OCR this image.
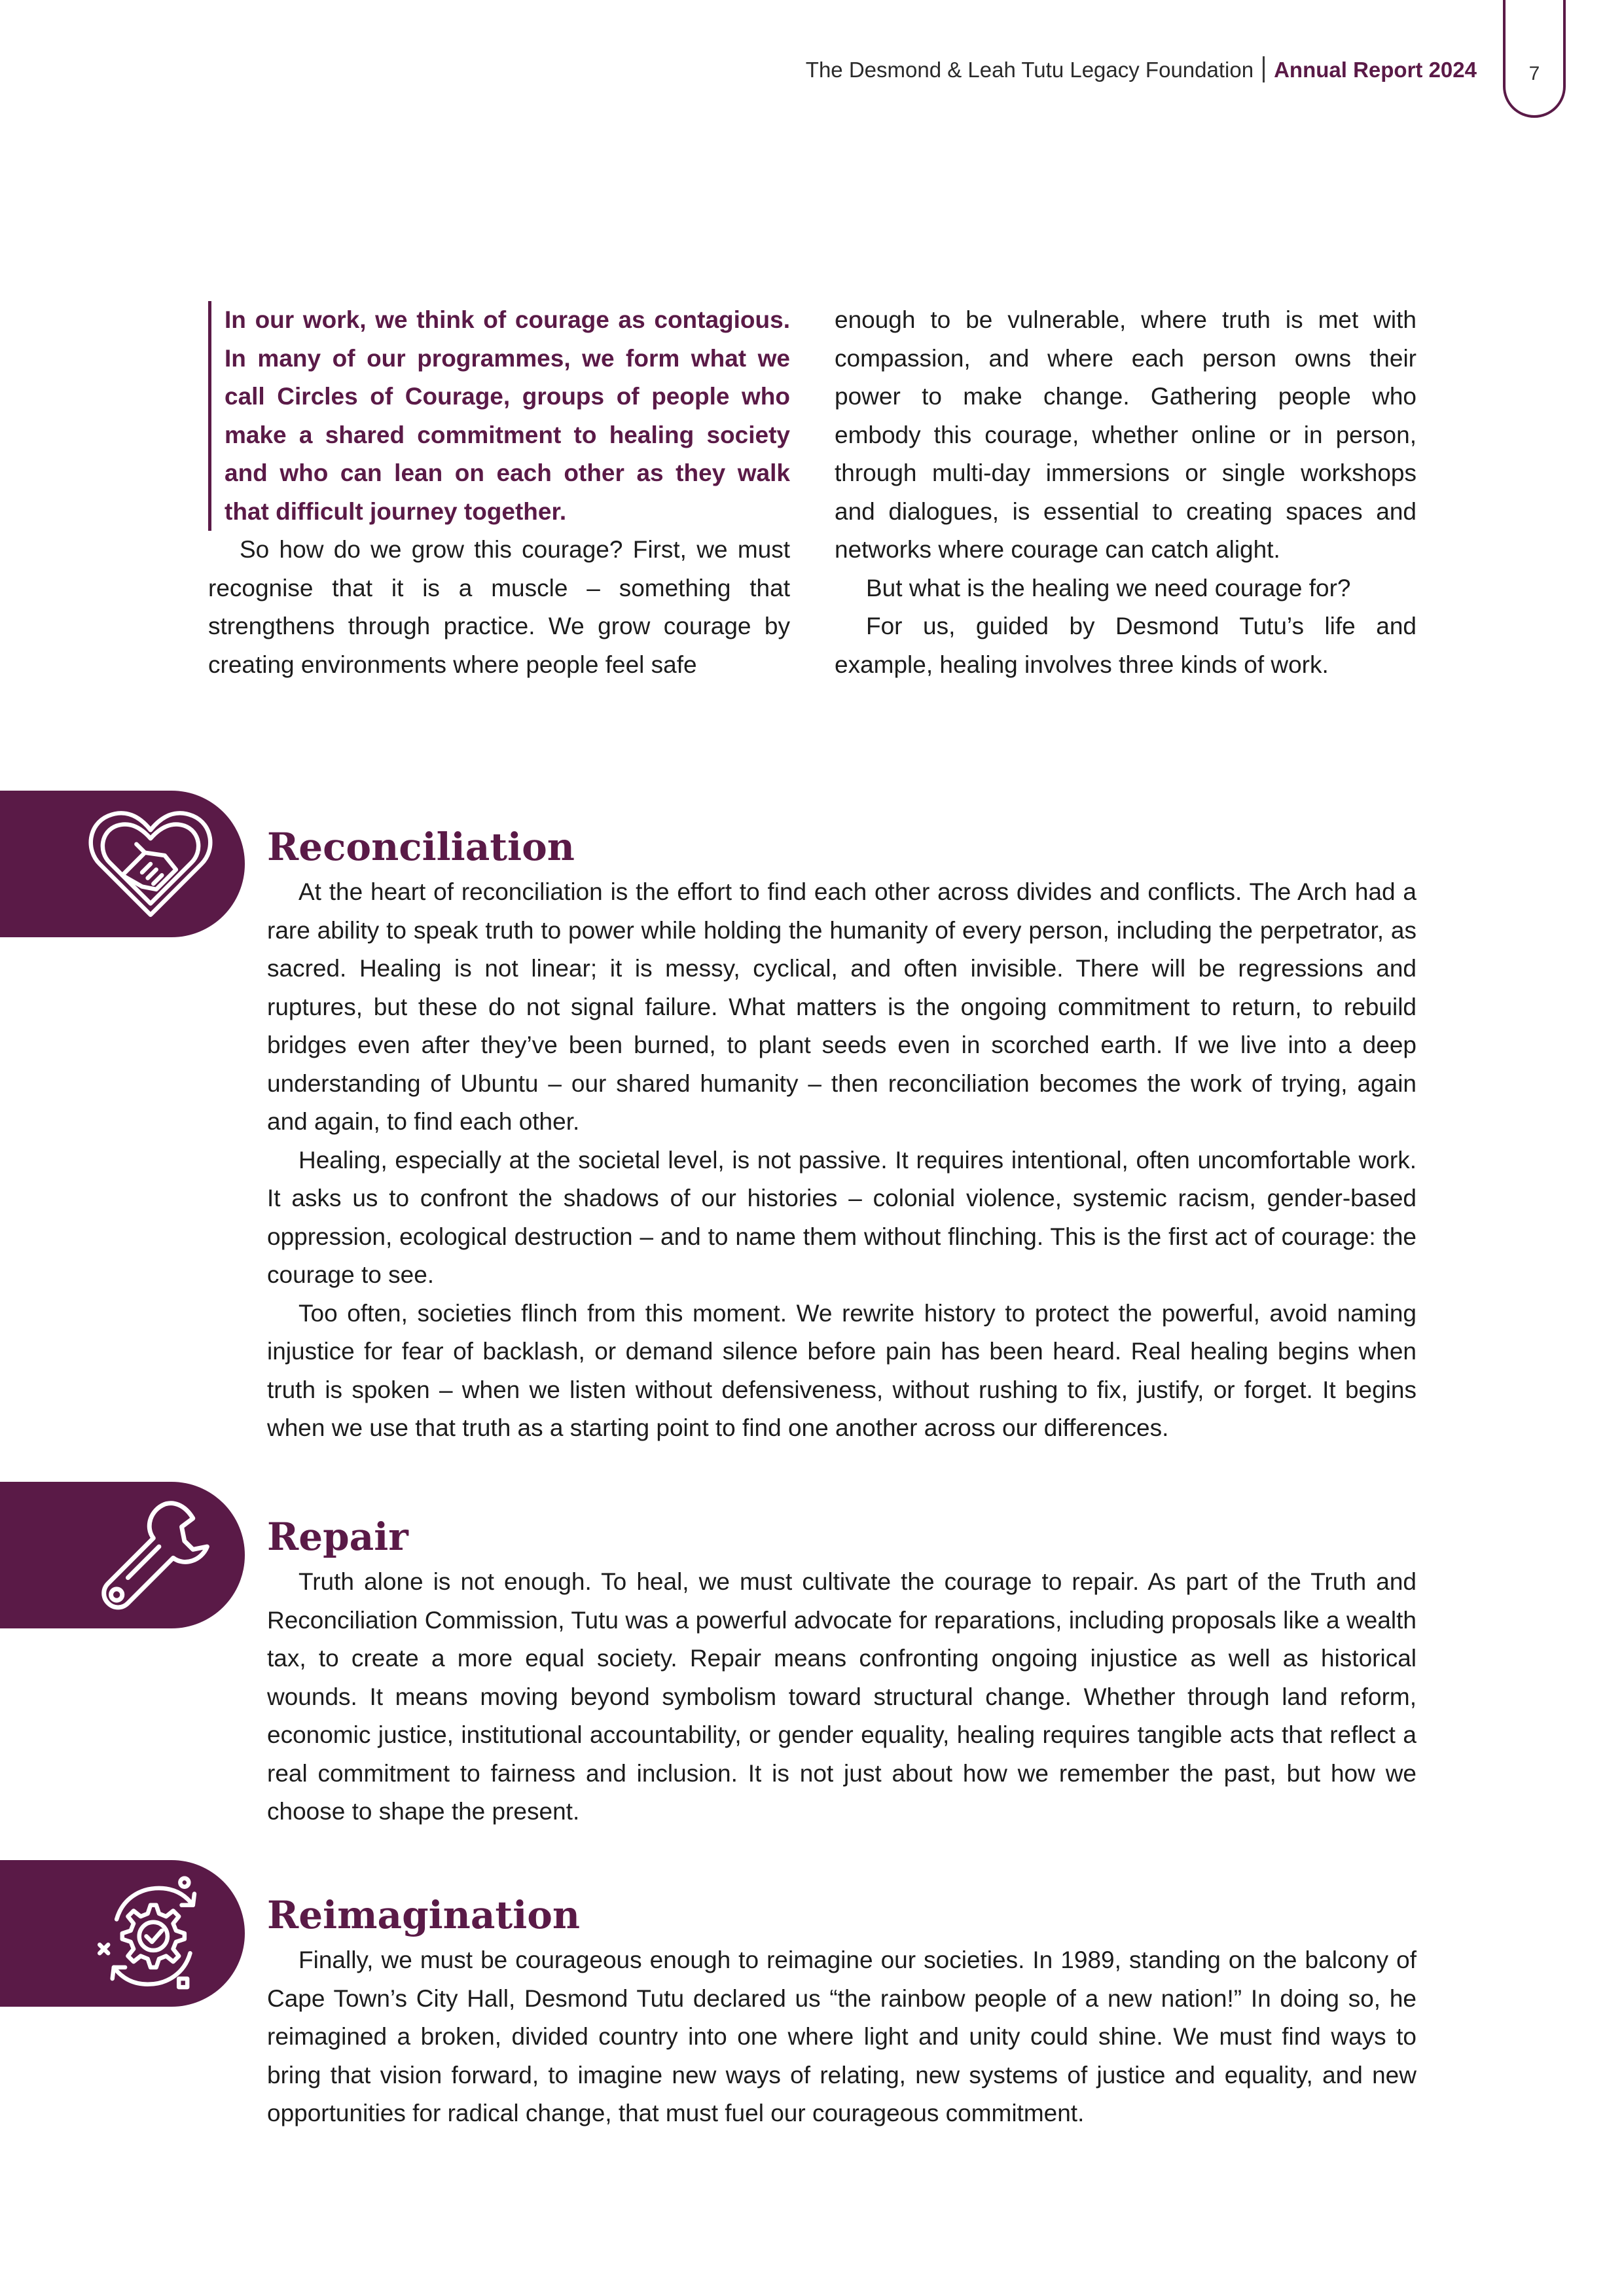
The Desmond & Leah Tutu Legacy Foundation Annual Report 2024	7

In our work, we think of courage as contagious. In many of our programmes, we form what we call Circles of Courage, groups of people who make a shared commitment to healing society and who can lean on each other as they walk that difficult journey together.

So how do we grow this courage? First, we must recognise that it is a muscle – something that strengthens through practice. We grow courage by creating environments where people feel safe

enough to be vulnerable, where truth is met with compassion, and where each person owns their power to make change. Gathering people who embody this courage, whether online or in person, through multi-day immersions or single workshops and dialogues, is essential to creating spaces and networks where courage can catch alight.

But what is the healing we need courage for?

For us, guided by Desmond Tutu’s life and example, healing involves three kinds of work.

Reconciliation

At the heart of reconciliation is the effort to find each other across divides and conflicts. The Arch had a rare ability to speak truth to power while holding the humanity of every person, including the perpetrator, as sacred. Healing is not linear; it is messy, cyclical, and often invisible. There will be regressions and ruptures, but these do not signal failure. What matters is the ongoing commitment to return, to rebuild bridges even after they’ve been burned, to plant seeds even in scorched earth. If we live into a deep understanding of Ubuntu – our shared humanity – then reconciliation becomes the work of trying, again and again, to find each other.

Healing, especially at the societal level, is not passive. It requires intentional, often uncomfortable work. It asks us to confront the shadows of our histories – colonial violence, systemic racism, gender-based oppression, ecological destruction – and to name them without flinching. This is the first act of courage: the courage to see.

Too often, societies flinch from this moment. We rewrite history to protect the powerful, avoid naming injustice for fear of backlash, or demand silence before pain has been heard. Real healing begins when truth is spoken – when we listen without defensiveness, without rushing to fix, justify, or forget. It begins when we use that truth as a starting point to find one another across our differences.

Repair

Truth alone is not enough. To heal, we must cultivate the courage to repair. As part of the Truth and Reconciliation Commission, Tutu was a powerful advocate for reparations, including proposals like a wealth tax, to create a more equal society. Repair means confronting ongoing injustice as well as historical wounds. It means moving beyond symbolism toward structural change. Whether through land reform, economic justice, institutional accountability, or gender equality, healing requires tangible acts that reflect a real commitment to fairness and inclusion. It is not just about how we remember the past, but how we choose to shape the present.

Reimagination

Finally, we must be courageous enough to reimagine our societies. In 1989, standing on the balcony of Cape Town’s City Hall, Desmond Tutu declared us “the rainbow people of a new nation!” In doing so, he reimagined a broken, divided country into one where light and unity could shine. We must find ways to bring that vision forward, to imagine new ways of relating, new systems of justice and equality, and new opportunities for radical change, that must fuel our courageous commitment.
